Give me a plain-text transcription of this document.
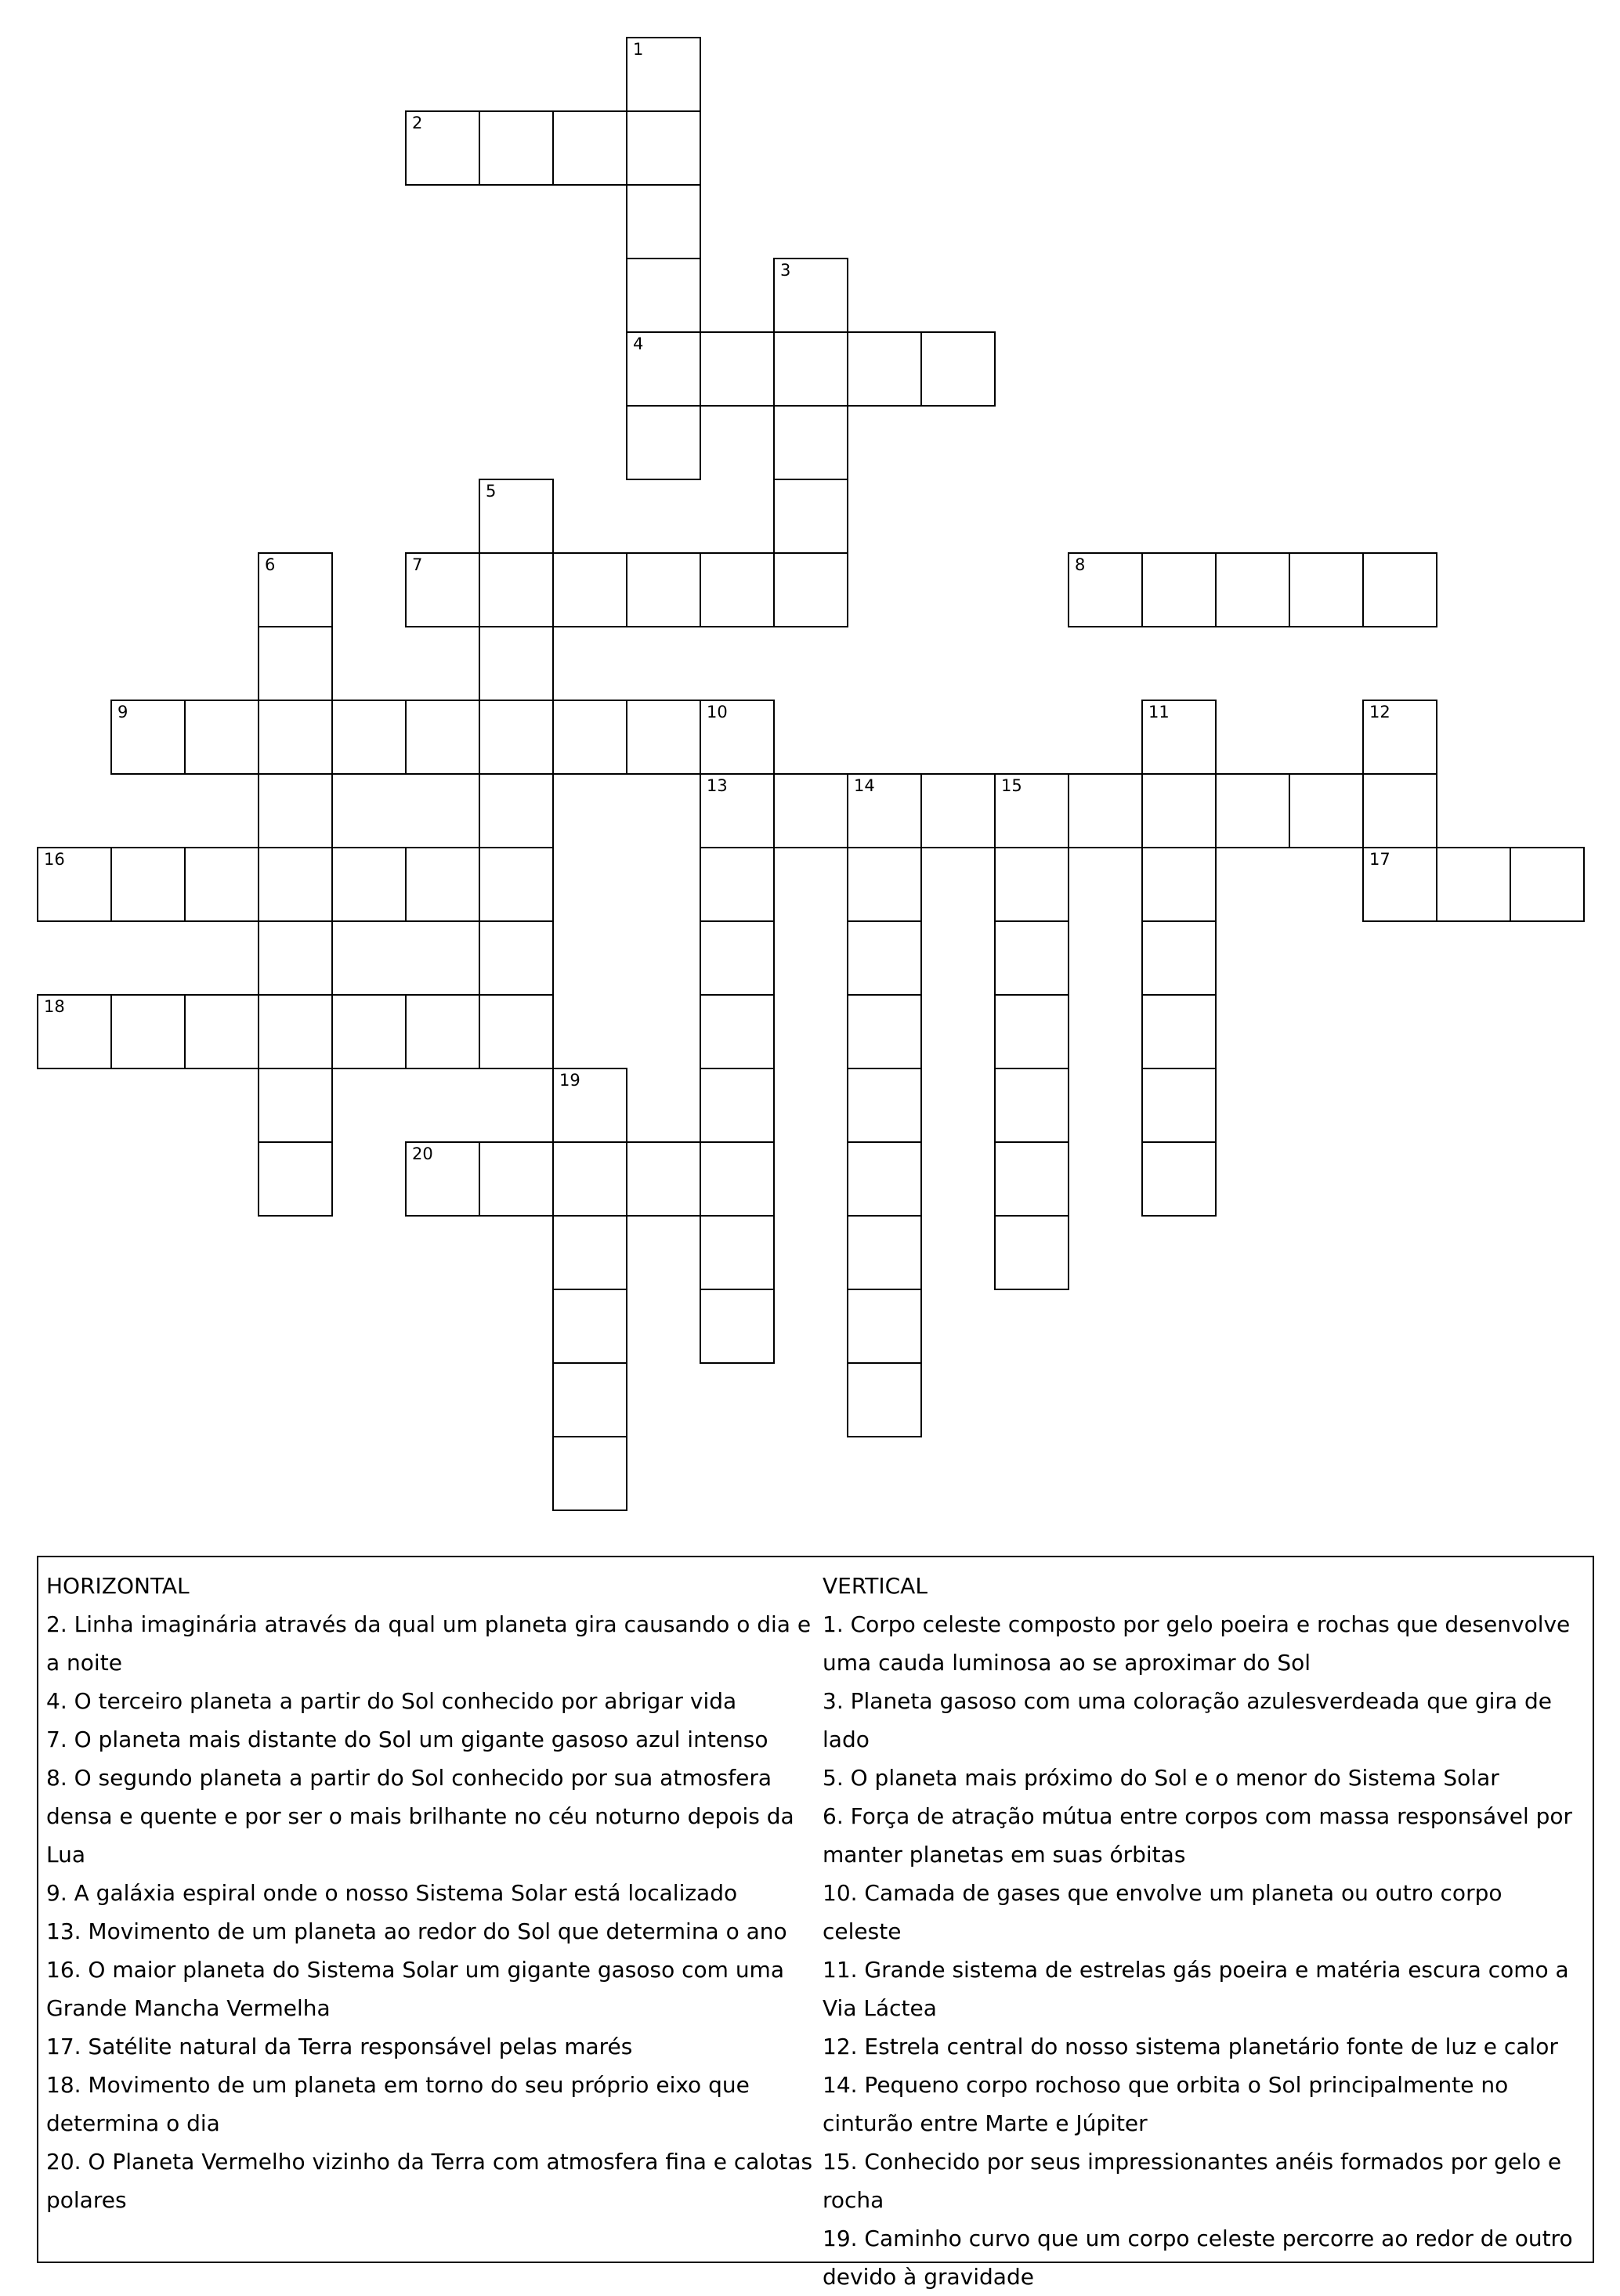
1
2
3
4
5
6	7	8
9	10	11	12
13	14	15
16	17
18
19
20

HORIZONTAL

2. Linha imaginária através da qual um planeta gira causando o dia e a noite

4. O terceiro planeta a partir do Sol conhecido por abrigar vida

7. O planeta mais distante do Sol um gigante gasoso azul intenso

8. O segundo planeta a partir do Sol conhecido por sua atmosfera densa e quente e por ser o mais brilhante no céu noturno depois da Lua

9. A galáxia espiral onde o nosso Sistema Solar está localizado

13. Movimento de um planeta ao redor do Sol que determina o ano

16. O maior planeta do Sistema Solar um gigante gasoso com uma Grande Mancha Vermelha

17. Satélite natural da Terra responsável pelas marés

18. Movimento de um planeta em torno do seu próprio eixo que determina o dia

20. O Planeta Vermelho vizinho da Terra com atmosfera fina e calotas polares

VERTICAL

1. Corpo celeste composto por gelo poeira e rochas que desenvolve uma cauda luminosa ao se aproximar do Sol

3. Planeta gasoso com uma coloração azulesverdeada que gira de lado

5. O planeta mais próximo do Sol e o menor do Sistema Solar

6. Força de atração mútua entre corpos com massa responsável por manter planetas em suas órbitas

10. Camada de gases que envolve um planeta ou outro corpo celeste

11. Grande sistema de estrelas gás poeira e matéria escura como a Via Láctea

12. Estrela central do nosso sistema planetário fonte de luz e calor

14. Pequeno corpo rochoso que orbita o Sol principalmente no cinturão entre Marte e Júpiter

15. Conhecido por seus impressionantes anéis formados por gelo e rocha

19. Caminho curvo que um corpo celeste percorre ao redor de outro devido à gravidade
